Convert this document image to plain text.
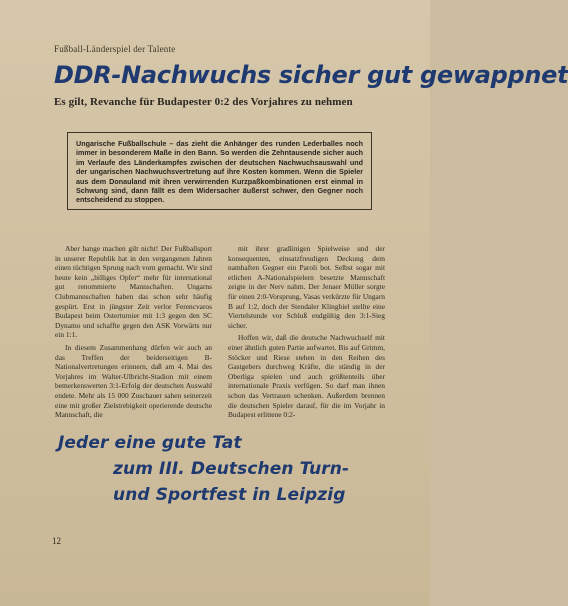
Fußball-Länderspiel der Talente
DDR-Nachwuchs sicher gut gewappnet
Es gilt, Revanche für Budapester 0:2 des Vorjahres zu nehmen
Ungarische Fußballschule – das zieht die Anhänger des runden Lederballes noch immer in besonderem Maße in den Bann. So werden die Zehntausende sicher auch im Verlaufe des Länderkampfes zwischen der deutschen Nachwuchsauswahl und der ungarischen Nachwuchsvertretung auf ihre Kosten kommen. Wenn die Spieler aus dem Donauland mit ihren verwirrenden Kurzpaßkombinationen erst einmal in Schwung sind, dann fällt es dem Widersacher äußerst schwer, den Gegner noch entscheidend zu stoppen.

Aber bange machen gilt nicht! Der Fußballsport in unserer Republik hat in den vergangenen Jahren einen tüchtigen Sprung nach vorn gemacht. Wir sind heute kein „billiges Opfer“ mehr für international gut renommierte Mannschaften. Ungarns Clubmannschaften haben das schon sehr häufig gespürt. Erst in jüngster Zeit verlor Ferencvaros Budapest beim Osterturnier mit 1:3 gegen den SC Dynamo und schaffte gegen den ASK Vorwärts nur ein 1:1.

In diesem Zusammenhang dürfen wir auch an das Treffen der beiderseitigen B-Nationalvertretungen erinnern, daß am 4. Mai des Vorjahres im Walter-Ulbricht-Stadion mit einem bemerkenswerten 3:1-Erfolg der deutschen Auswahl endete. Mehr als 15 000 Zuschauer sahen seinerzeit eine mit großer Zielstrebigkeit operierende deutsche Mannschaft, die

mit ihrer gradlinigen Spielweise und der konsequenten, einsatzfreudigen Deckung dem namhaften Gegner ein Paroli bot. Selbst sogar mit etlichen A-Nationalspielern besetzte Mannschaft zeigte in der Nerv nahm. Der Jenaer Müller sorgte für einen 2:0-Vorsprung, Vasas verkürzte für Ungarn B auf 1:2, doch der Stendaler Klingbiel stellte eine Viertelstunde vor Schluß endgültig den 3:1-Sieg sicher.

Hoffen wir, daß die deutsche Nachwuchself mit einer ähnlich guten Partie aufwartet. Bis auf Grimm, Stöcker und Riese stehen in den Reihen des Gastgebers durchweg Kräfte, die ständig in der Oberliga spielen und auch größtenteils über internationale Praxis verfügen. So darf man ihnen schon das Vertrauen schenken. Außerdem brennen die deutschen Spieler darauf, für die im Vorjahr in Budapest erlittene 0:2-

Jeder eine gute Tat
zum III. Deutschen Turn-
und Sportfest in Leipzig
12
